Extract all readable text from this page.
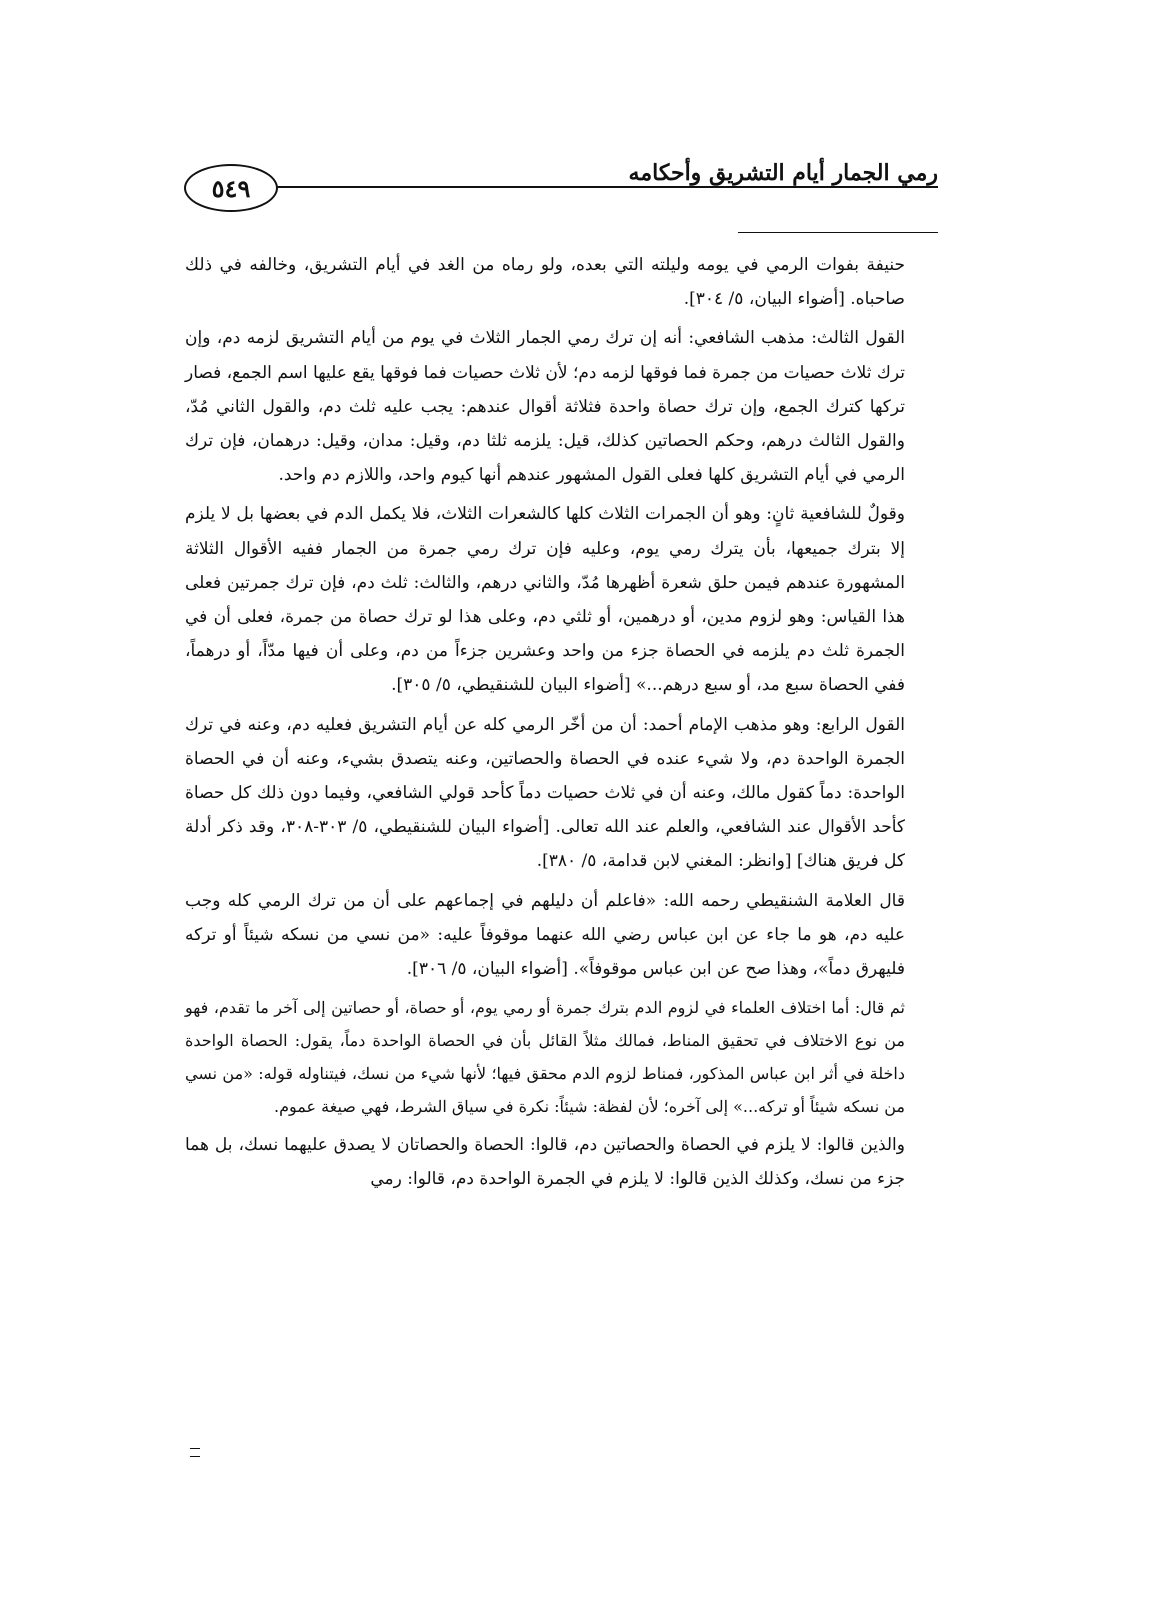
٥٤٩
رمي الجمار أيام التشريق وأحكامه

حنيفة بفوات الرمي في يومه وليلته التي بعده، ولو رماه من الغد في أيام التشريق، وخالفه في ذلك صاحباه. [أضواء البيان، ٥/ ٣٠٤].

القول الثالث: مذهب الشافعي: أنه إن ترك رمي الجمار الثلاث في يوم من أيام التشريق لزمه دم، وإن ترك ثلاث حصيات من جمرة فما فوقها لزمه دم؛ لأن ثلاث حصيات فما فوقها يقع عليها اسم الجمع، فصار تركها كترك الجمع، وإن ترك حصاة واحدة فثلاثة أقوال عندهم: يجب عليه ثلث دم، والقول الثاني مُدّ، والقول الثالث درهم، وحكم الحصاتين كذلك، قيل: يلزمه ثلثا دم، وقيل: مدان، وقيل: درهمان، فإن ترك الرمي في أيام التشريق كلها فعلى القول المشهور عندهم أنها كيوم واحد، واللازم دم واحد.

وقولٌ للشافعية ثانٍ: وهو أن الجمرات الثلاث كلها كالشعرات الثلاث، فلا يكمل الدم في بعضها بل لا يلزم إلا بترك جميعها، بأن يترك رمي يوم، وعليه فإن ترك رمي جمرة من الجمار ففيه الأقوال الثلاثة المشهورة عندهم فيمن حلق شعرة أظهرها مُدّ، والثاني درهم، والثالث: ثلث دم، فإن ترك جمرتين فعلى هذا القياس: وهو لزوم مدين، أو درهمين، أو ثلثي دم، وعلى هذا لو ترك حصاة من جمرة، فعلى أن في الجمرة ثلث دم يلزمه في الحصاة جزء من واحد وعشرين جزءاً من دم، وعلى أن فيها مدّاً، أو درهماً، ففي الحصاة سبع مد، أو سبع درهم...» [أضواء البيان للشنقيطي، ٥/ ٣٠٥].

القول الرابع: وهو مذهب الإمام أحمد: أن من أخّر الرمي كله عن أيام التشريق فعليه دم، وعنه في ترك الجمرة الواحدة دم، ولا شيء عنده في الحصاة والحصاتين، وعنه يتصدق بشيء، وعنه أن في الحصاة الواحدة: دماً كقول مالك، وعنه أن في ثلاث حصيات دماً كأحد قولي الشافعي، وفيما دون ذلك كل حصاة كأحد الأقوال عند الشافعي، والعلم عند الله تعالى. [أضواء البيان للشنقيطي، ٥/ ٣٠٣-٣٠٨، وقد ذكر أدلة كل فريق هناك] [وانظر: المغني لابن قدامة، ٥/ ٣٨٠].

قال العلامة الشنقيطي رحمه الله: «فاعلم أن دليلهم في إجماعهم على أن من ترك الرمي كله وجب عليه دم، هو ما جاء عن ابن عباس رضي الله عنهما موقوفاً عليه: «من نسي من نسكه شيئاً أو تركه فليهرق دماً»، وهذا صح عن ابن عباس موقوفاً». [أضواء البيان، ٥/ ٣٠٦].

ثم قال: أما اختلاف العلماء في لزوم الدم بترك جمرة أو رمي يوم، أو حصاة، أو حصاتين إلى آخر ما تقدم، فهو من نوع الاختلاف في تحقيق المناط، فمالك مثلاً القائل بأن في الحصاة الواحدة دماً، يقول: الحصاة الواحدة داخلة في أثر ابن عباس المذكور، فمناط لزوم الدم محقق فيها؛ لأنها شيء من نسك، فيتناوله قوله: «من نسي من نسكه شيئاً أو تركه...» إلى آخره؛ لأن لفظة: شيئاً: نكرة في سياق الشرط، فهي صيغة عموم.

والذين قالوا: لا يلزم في الحصاة والحصاتين دم، قالوا: الحصاة والحصاتان لا يصدق عليهما نسك، بل هما جزء من نسك، وكذلك الذين قالوا: لا يلزم في الجمرة الواحدة دم، قالوا: رمي
